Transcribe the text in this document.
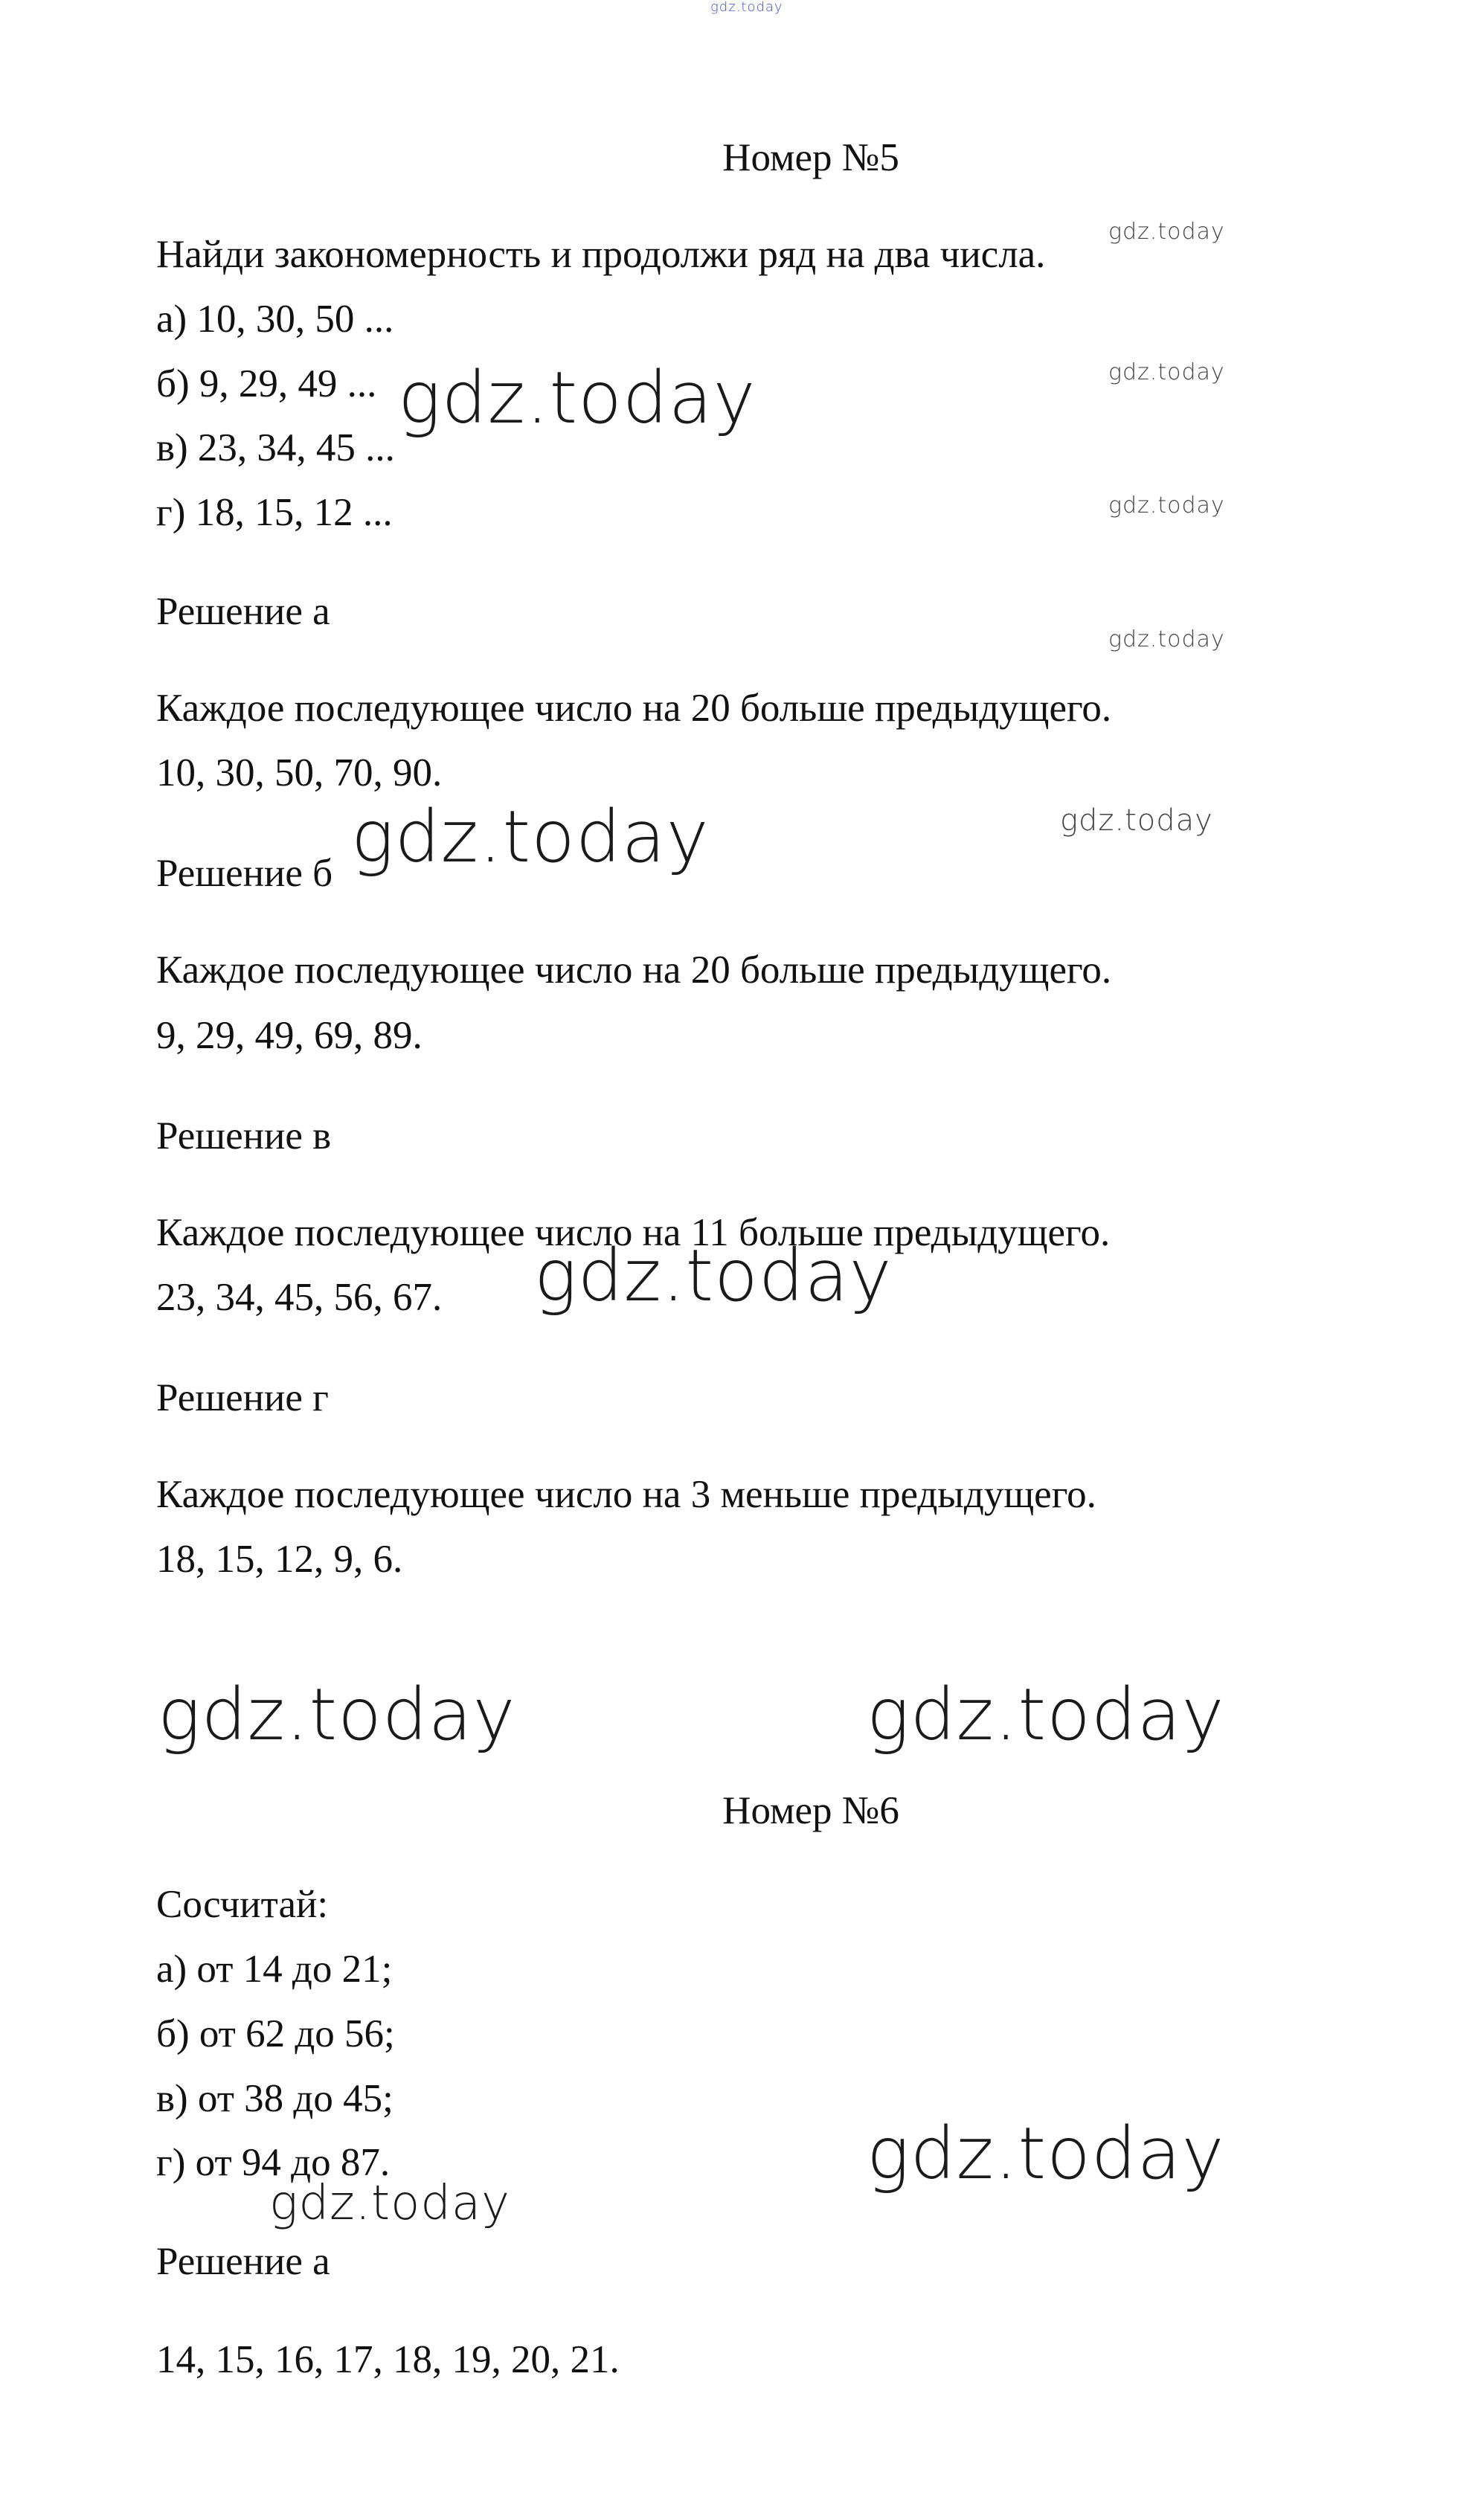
gdz.today
Номер №5
Найди закономерность и продолжи ряд на два числа.
а) 10, 30, 50 ...
б) 9, 29, 49 ...
в) 23, 34, 45 ...
г) 18, 15, 12 ...
Решение а
Каждое последующее число на 20 больше предыдущего.
10, 30, 50, 70, 90.
Решение б
Каждое последующее число на 20 больше предыдущего.
9, 29, 49, 69, 89.
Решение в
Каждое последующее число на 11 больше предыдущего.
23, 34, 45, 56, 67.
Решение г
Каждое последующее число на 3 меньше предыдущего.
18, 15, 12, 9, 6.
Номер №6
Сосчитай:
а) от 14 до 21;
б) от 62 до 56;
в) от 38 до 45;
г) от 94 до 87.
Решение а
14, 15, 16, 17, 18, 19, 20, 21.
gdz.today
gdz.today
gdz.today
gdz.today
gdz.today
gdz.today
gdz.today
gdz.today
gdz.today	gdz.today
gdz.today
gdz.today
